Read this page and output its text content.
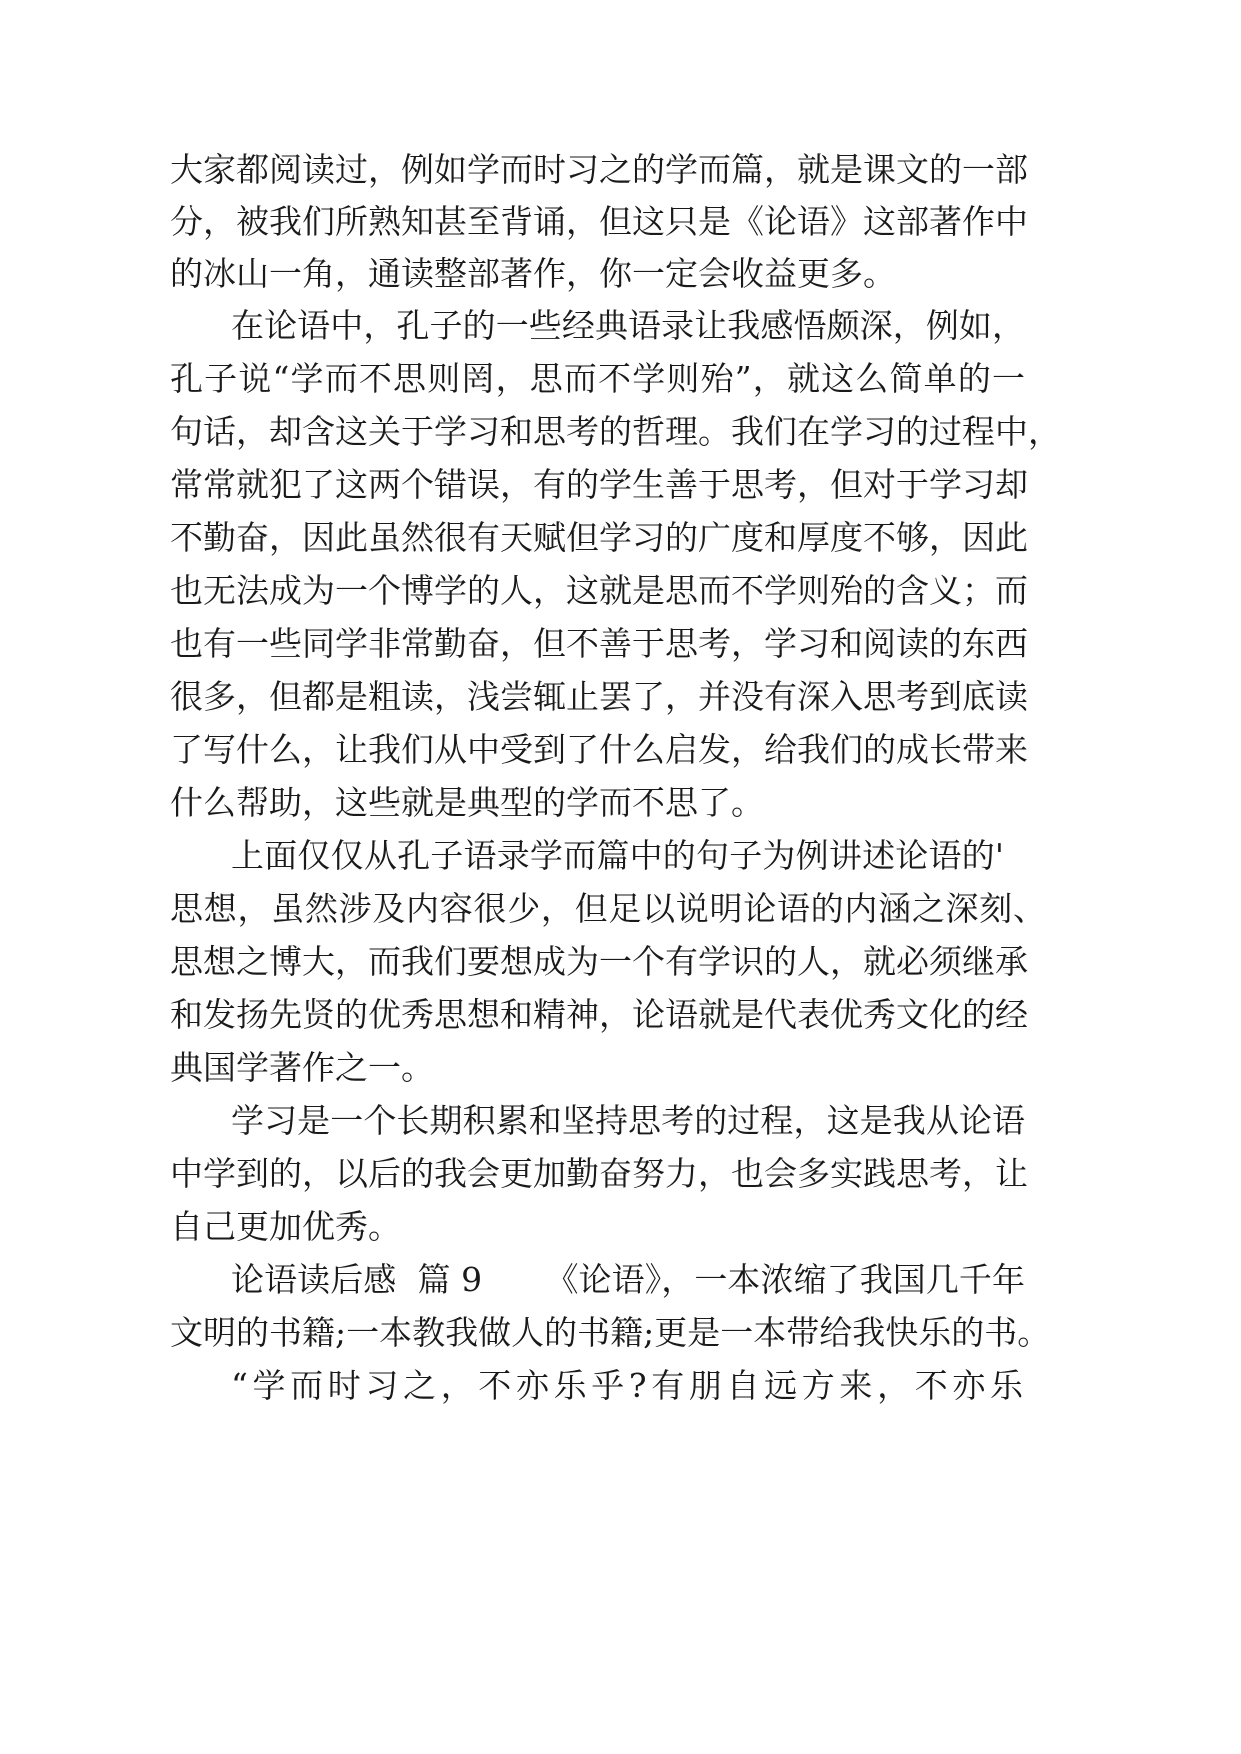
大家都阅读过，例如学而时习之的学而篇，就是课文的一部

分，被我们所熟知甚至背诵，但这只是《论语》这部著作中

的冰山一角，通读整部著作，你一定会收益更多。

在论语中，孔子的一些经典语录让我感悟颇深，例如，

孔子说“学而不思则罔，思而不学则殆”，就这么简单的一

句话，却含这关于学习和思考的哲理。我们在学习的过程中，

常常就犯了这两个错误，有的学生善于思考，但对于学习却

不勤奋，因此虽然很有天赋但学习的广度和厚度不够，因此

也无法成为一个博学的人，这就是思而不学则殆的含义；而

也有一些同学非常勤奋，但不善于思考，学习和阅读的东西

很多，但都是粗读，浅尝辄止罢了，并没有深入思考到底读

了写什么，让我们从中受到了什么启发，给我们的成长带来

什么帮助，这些就是典型的学而不思了。

上面仅仅从孔子语录学而篇中的句子为例讲述论语的'

思想，虽然涉及内容很少，但足以说明论语的内涵之深刻、

思想之博大，而我们要想成为一个有学识的人，就必须继承

和发扬先贤的优秀思想和精神，论语就是代表优秀文化的经

典国学著作之一。

学习是一个长期积累和坚持思考的过程，这是我从论语

中学到的，以后的我会更加勤奋努力，也会多实践思考，让

自己更加优秀。

论语读后感  篇 9      《论语》，一本浓缩了我国几千年

文明的书籍;一本教我做人的书籍;更是一本带给我快乐的书。

“学而时习之，不亦乐乎?有朋自远方来，不亦乐
